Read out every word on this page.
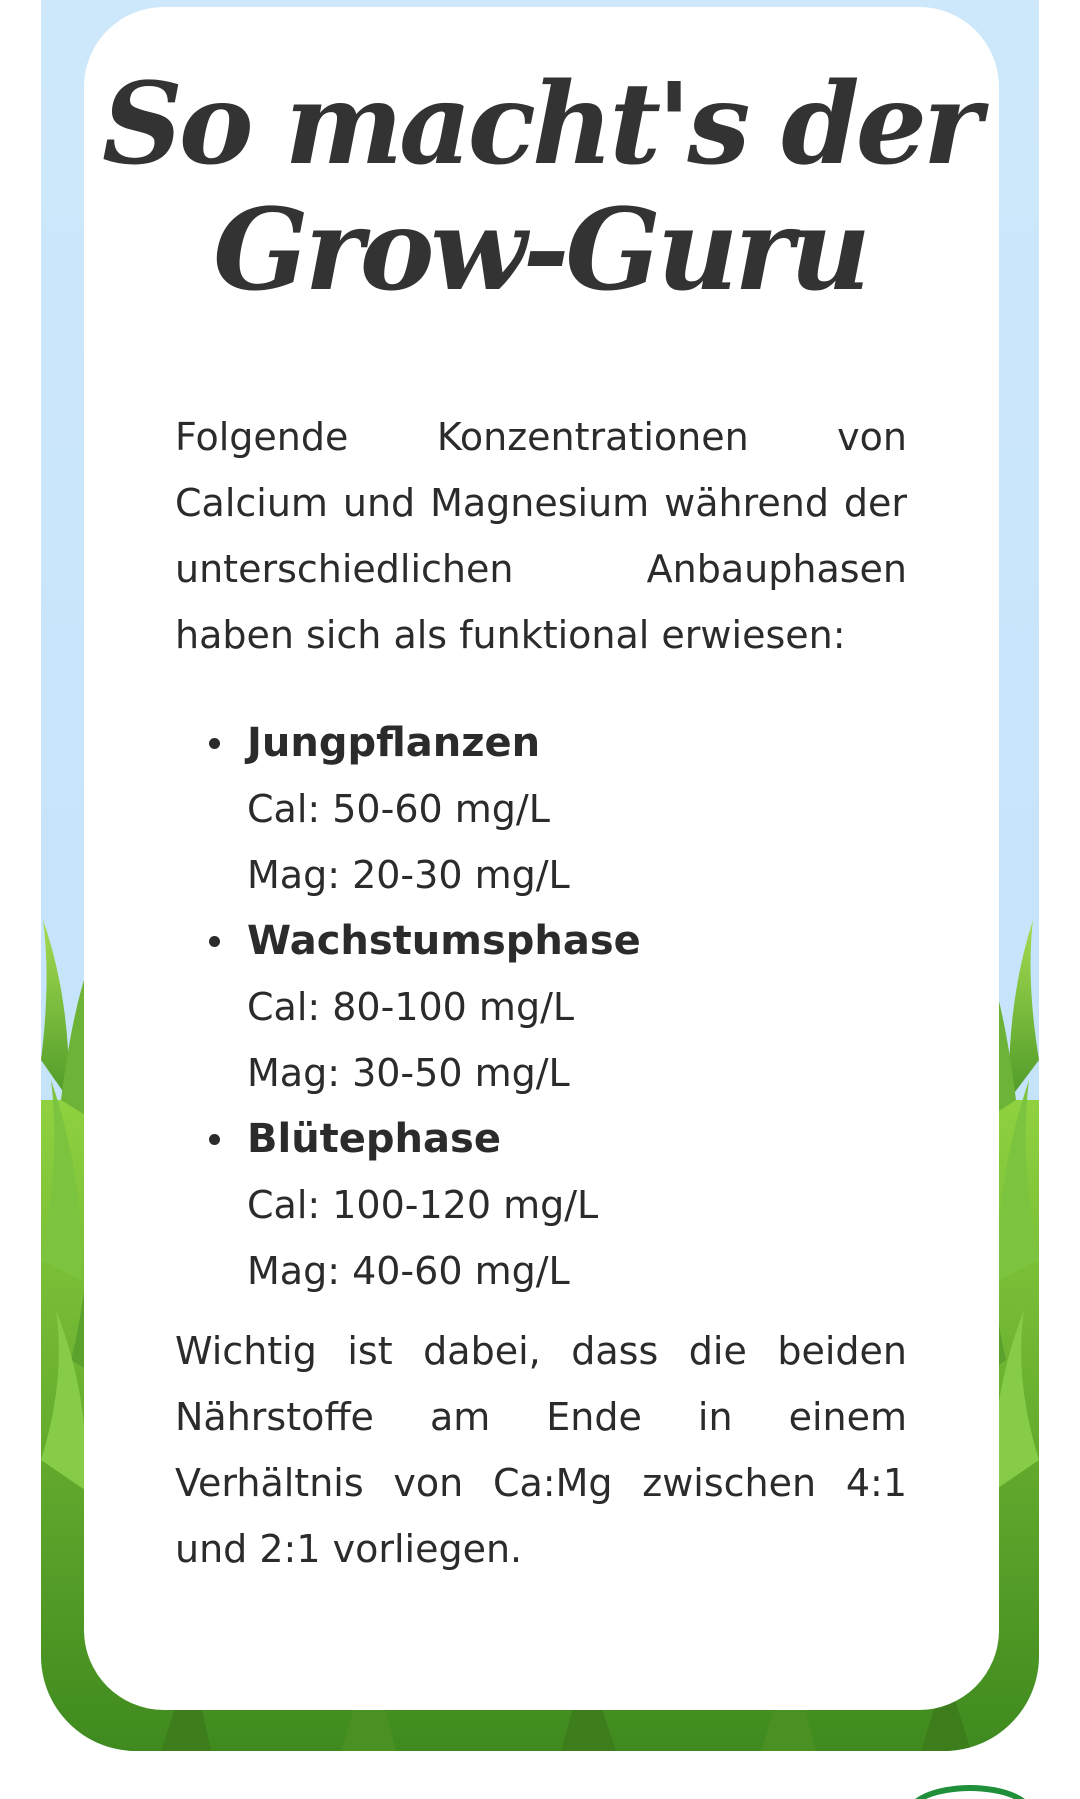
So macht's der
Grow-Guru

Folgende Konzentrationen von Calcium und Magnesium während der unterschiedlichen Anbauphasen haben sich als funktional erwiesen:

Jungpflanzen
Cal: 50-60 mg/L
Mag: 20-30 mg/L
Wachstumsphase
Cal: 80-100 mg/L
Mag: 30-50 mg/L
Blütephase
Cal: 100-120 mg/L
Mag: 40-60 mg/L

Wichtig ist dabei, dass die beiden Nährstoffe am Ende in einem Verhältnis von Ca:Mg zwischen 4:1 und 2:1 vorliegen.
